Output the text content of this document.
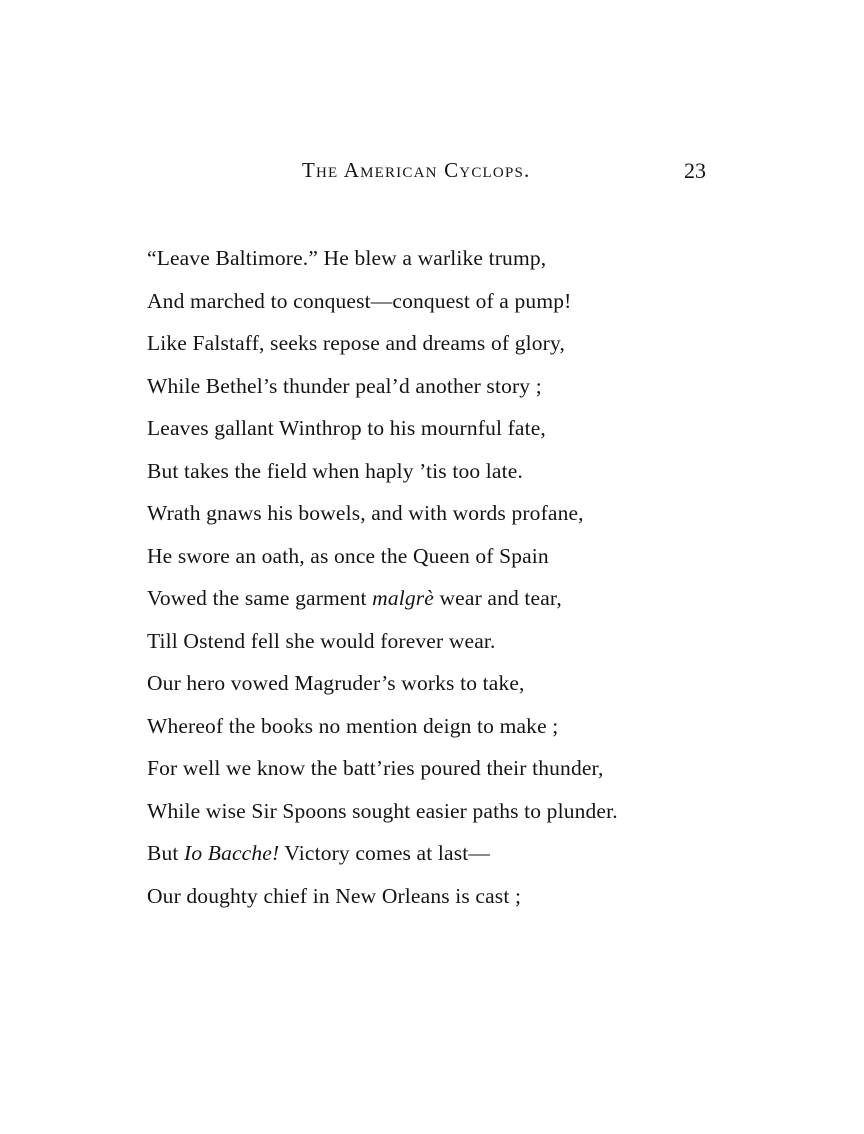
The American Cyclops.	23
“Leave Baltimore.” He blew a warlike trump,
And marched to conquest—conquest of a pump!
Like Falstaff, seeks repose and dreams of glory,
While Bethel’s thunder peal’d another story ;
Leaves gallant Winthrop to his mournful fate,
But takes the field when haply ’tis too late.
Wrath gnaws his bowels, and with words profane,
He swore an oath, as once the Queen of Spain
Vowed the same garment malgrè wear and tear,
Till Ostend fell she would forever wear.
Our hero vowed Magruder’s works to take,
Whereof the books no mention deign to make ;
For well we know the batt’ries poured their thunder,
While wise Sir Spoons sought easier paths to plunder.
But Io Bacche! Victory comes at last—
Our doughty chief in New Orleans is cast ;
